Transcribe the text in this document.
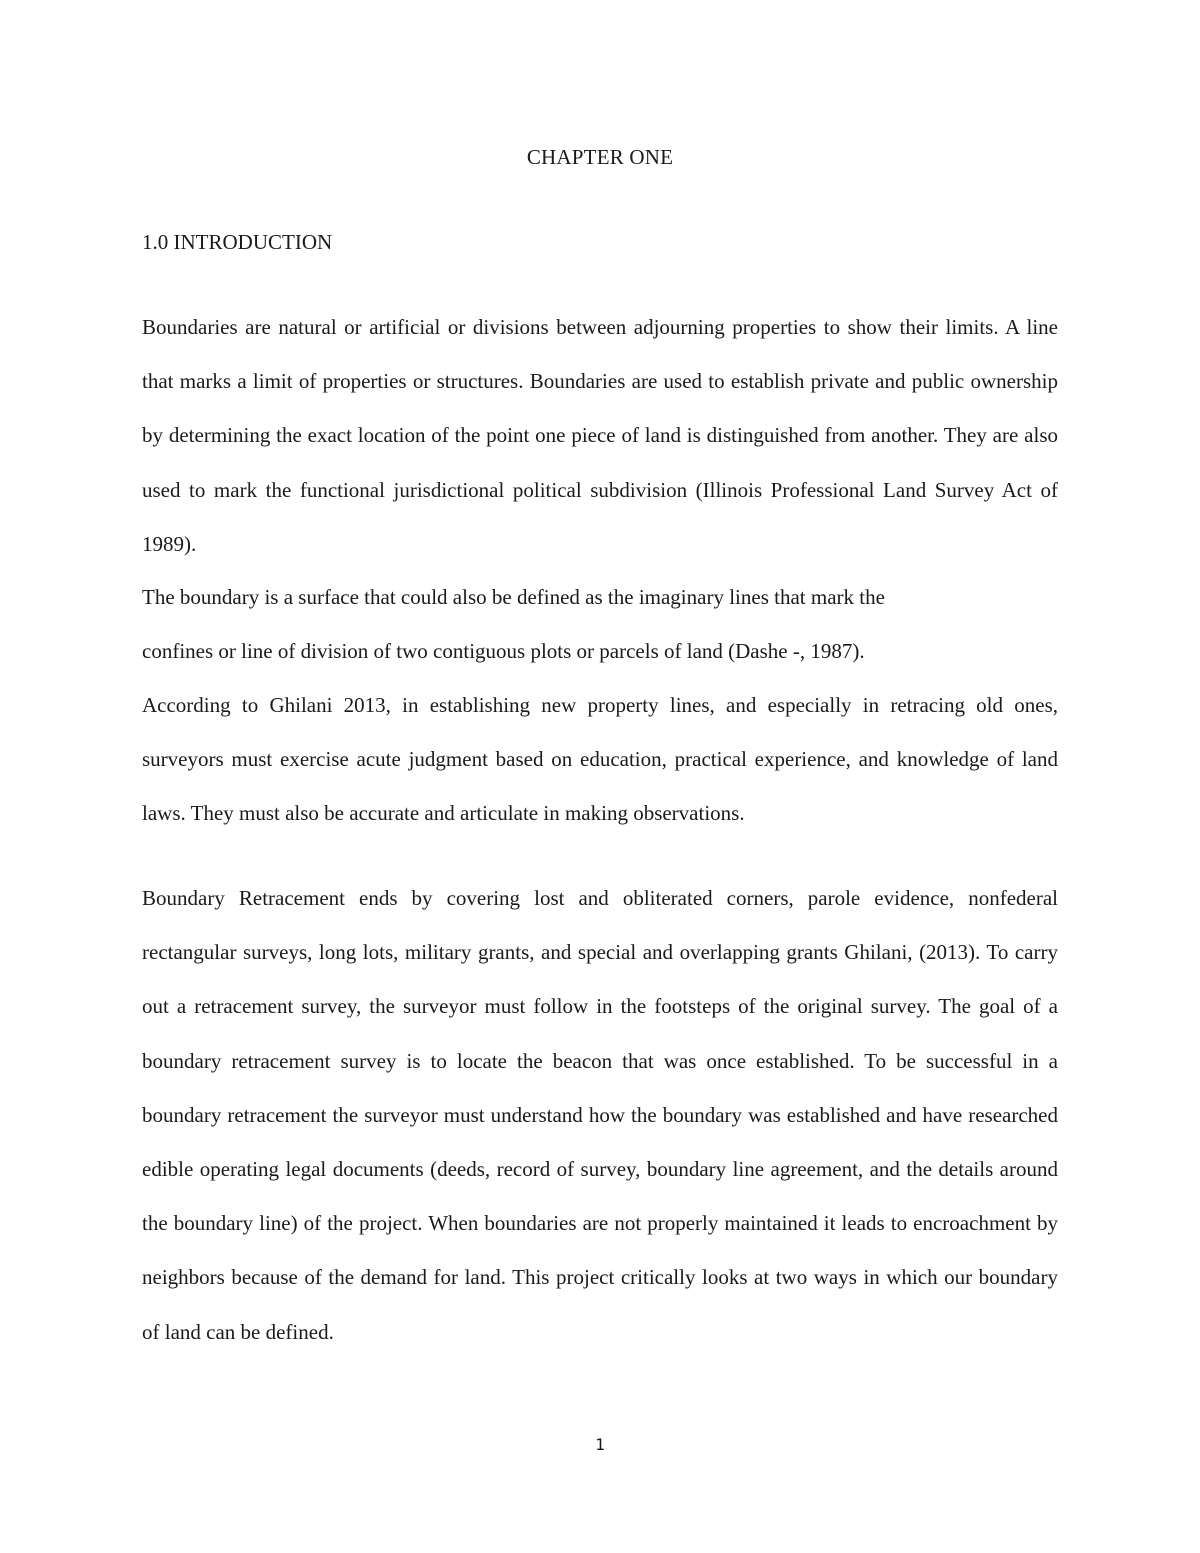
CHAPTER ONE
1.0 INTRODUCTION

Boundaries are natural or artificial or divisions between adjourning properties to show their limits. A line that marks a limit of properties or structures. Boundaries are used to establish private and public ownership by determining the exact location of the point one piece of land is distinguished from another. They are also used to mark the functional jurisdictional political subdivision (Illinois Professional Land Survey Act of 1989).

The boundary is a surface that could also be defined as the imaginary lines that mark the

confines or line of division of two contiguous plots or parcels of land (Dashe -, 1987).

According to Ghilani 2013, in establishing new property lines, and especially in retracing old ones, surveyors must exercise acute judgment based on education, practical experience, and knowledge of land laws. They must also be accurate and articulate in making observations.

Boundary Retracement ends by covering lost and obliterated corners, parole evidence, nonfederal rectangular surveys, long lots, military grants, and special and overlapping grants Ghilani, (2013). To carry out a retracement survey, the surveyor must follow in the footsteps of the original survey. The goal of a boundary retracement survey is to locate the beacon that was once established. To be successful in a boundary retracement the surveyor must understand how the boundary was established and have researched edible operating legal documents (deeds, record of survey, boundary line agreement, and the details around the boundary line) of the project. When boundaries are not properly maintained it leads to encroachment by neighbors because of the demand for land. This project critically looks at two ways in which our boundary of land can be defined.

1
